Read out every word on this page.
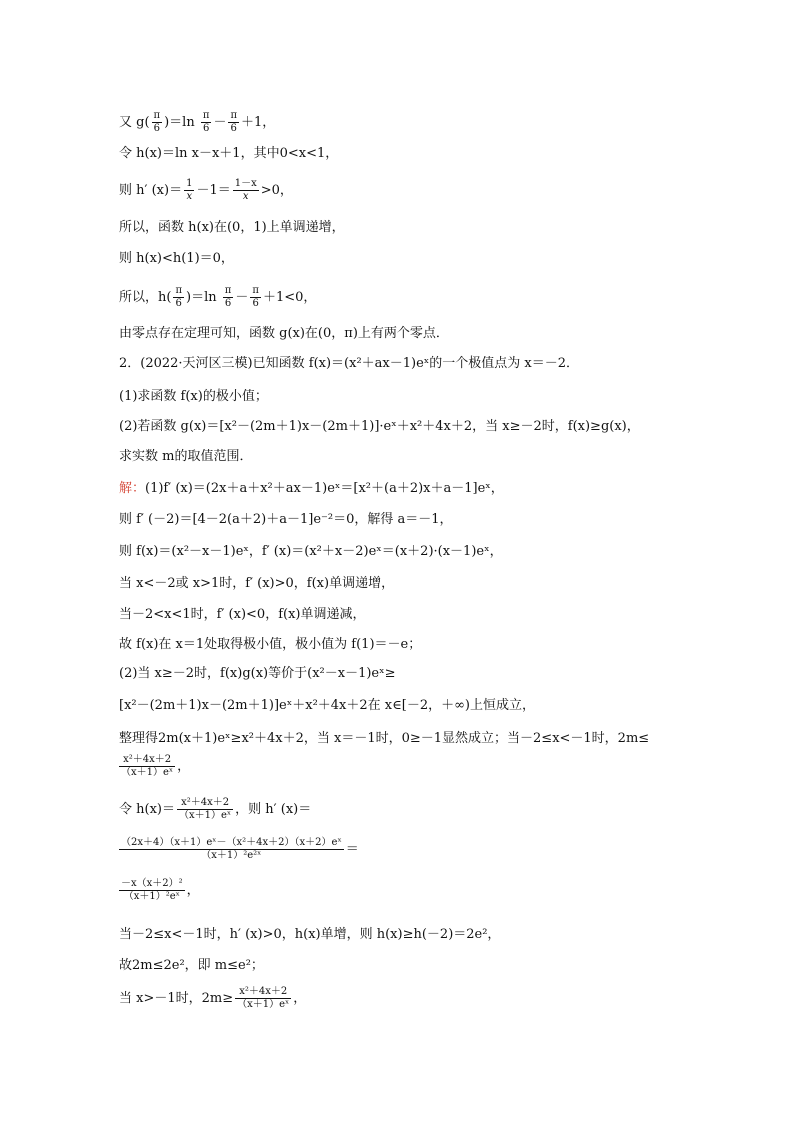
又 $g( \frac{\pi}{6} )=\ln \frac{\pi}{6} - \frac{\pi}{6} +1$，
令 h(x)＝ln x－x＋1，其中0<x<1，
则 h′ $(x)= \frac{1}{x} -1= \frac{1-x}{x} >0$，
所以，函数 h(x)在(0，1)上单调递增，
则 h(x)<h(1)＝0，
所以，$h( \frac{\pi}{6} )=\ln \frac{\pi}{6} - \frac{\pi}{6} +1<0$，
由零点存在定理可知，函数 g(x)在(0，π)上有两个零点．
2．(2022·天河区三模)已知函数 f(x)＝(x²＋ax－1)eˣ的一个极值点为 x＝－2．
(1)求函数 f(x)的极小值；
(2)若函数 g(x)＝[x²－(2m＋1)x－(2m＋1)]·eˣ＋x²＋4x＋2，当 x≥－2时，f(x)≥g(x)，
求实数 m的取值范围．
解：(1)f′ (x)＝(2x＋a＋x²＋ax－1)eˣ＝[x²＋(a＋2)x＋a－1]eˣ，
则 f′ (－2)＝[4－2(a＋2)＋a－1]e⁻²＝0，解得 a＝－1，
则 f(x)＝(x²－x－1)eˣ，f′ (x)＝(x²＋x－2)eˣ＝(x＋2)·(x－1)eˣ，
当 x<－2或 x>1时，f′ (x)>0，f(x)单调递增，
当－2<x<1时，f′ (x)<0，f(x)单调递减，
故 f(x)在 x＝1处取得极小值，极小值为 f(1)＝－e；
(2)当 x≥－2时，f(x)g(x)等价于(x²－x－1)eˣ≥
[x²－(2m＋1)x－(2m＋1)]eˣ＋x²＋4x＋2在 x∈[－2，＋∞)上恒成立，
整理得2m(x＋1)eˣ≥x²＋4x＋2，当 x＝－1时，0≥－1显然成立；当－2≤x<－1时，2m≤
$\frac{\text{x²＋4x＋2}}{\text{（x＋1）eˣ}}$ ，
令 $h(x)= \frac{\text{x²＋4x＋2}}{\text{（x＋1）eˣ}}$ ，则 h′ (x)＝
$\frac{\text{（2x＋4）（x＋1）eˣ－（x²＋4x＋2）（x＋2）eˣ}}{\text{（x＋1）²e²ˣ}}$ ＝
$\frac{\text{－x（x＋2）²}}{\text{（x＋1）²eˣ}}$ ，
当－2≤x<－1时，h′ (x)>0，h(x)单增，则 h(x)≥h(－2)＝2e²，
故2m≤2e²，即 m≤e²；
当 x>－1时，$2m\ge \frac{\text{x²＋4x＋2}}{\text{（x＋1）eˣ}}$ ，
